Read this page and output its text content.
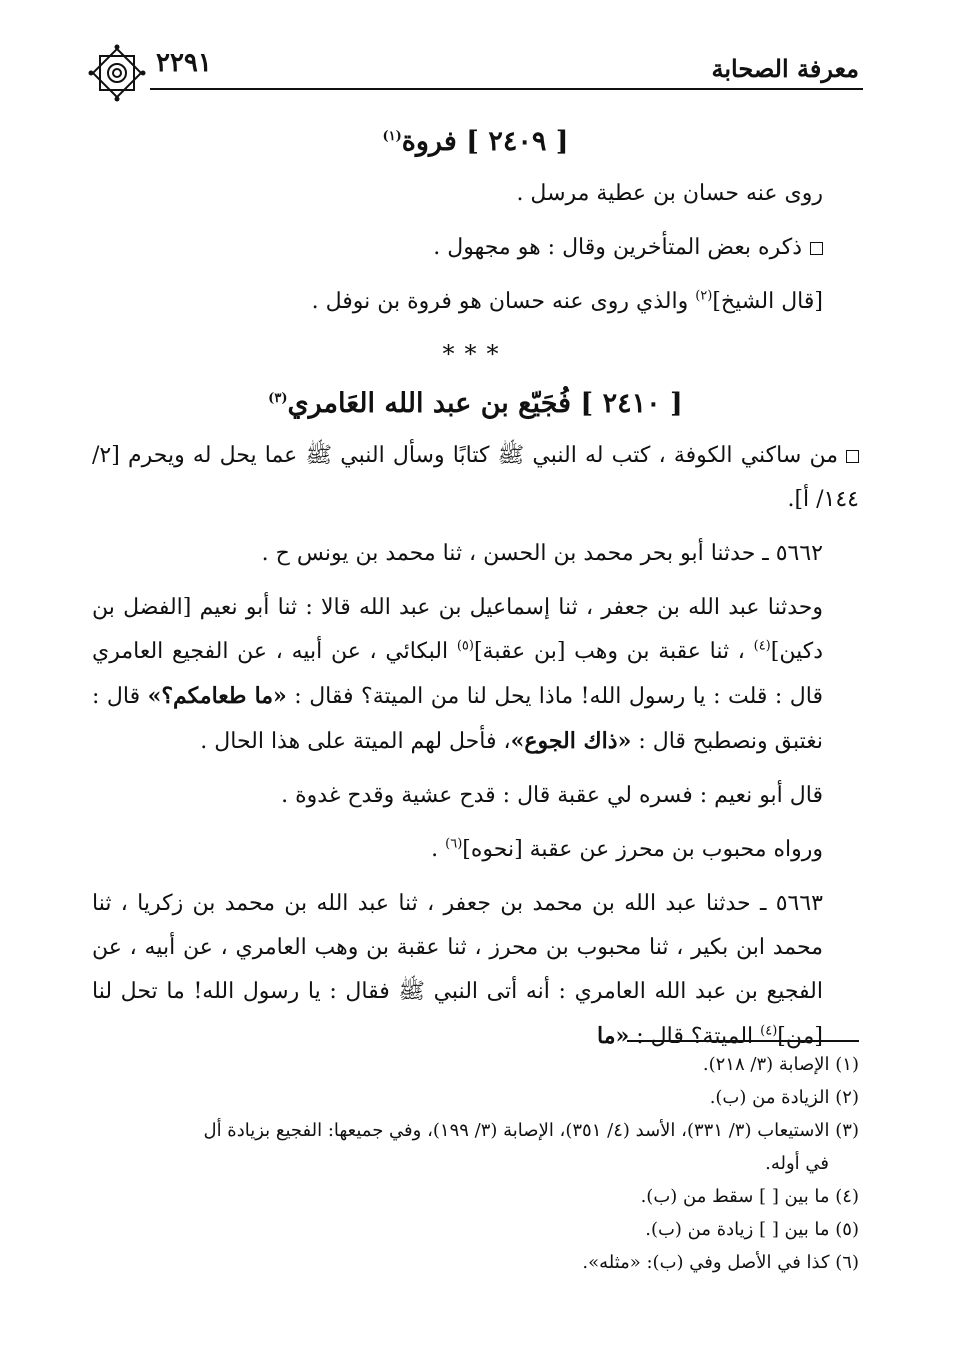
معرفة الصحابة
٢٢٩١
[ ٢٤٠٩ ] فروة$^{(١)}$

روى عنه حسان بن عطية مرسل .

ذكره بعض المتأخرين وقال : هو مجهول .

[قال الشيخ]$^{(٢)}$ والذي روى عنه حسان هو فروة بن نوفل .

***
[ ٢٤١٠ ] فُجَيّع بن عبد الله العَامري$^{(٣)}$

من ساكني الكوفة ، كتب له النبي ﷺ كتابًا وسأل النبي ﷺ عما يحل له ويحرم [٢/ ١٤٤/ أ].

٥٦٦٢ ـ حدثنا أبو بحر محمد بن الحسن ، ثنا محمد بن يونس ح .

وحدثنا عبد الله بن جعفر ، ثنا إسماعيل بن عبد الله قالا : ثنا أبو نعيم [الفضل بن دكين]$^{(٤)}$ ، ثنا عقبة بن وهب [بن عقبة]$^{(٥)}$ البكائي ، عن أبيه ، عن الفجيع العامري قال : قلت : يا رسول الله! ماذا يحل لنا من الميتة؟ فقال : «ما طعامكم؟» قال : نغتبق ونصطبح قال : «ذاك الجوع»، فأحل لهم الميتة على هذا الحال .

قال أبو نعيم : فسره لي عقبة قال : قدح عشية وقدح غدوة .

ورواه محبوب بن محرز عن عقبة [نحوه]$^{(٦)}$ .

٥٦٦٣ ـ حدثنا عبد الله بن محمد بن جعفر ، ثنا عبد الله بن محمد بن زكريا ، ثنا محمد ابن بكير ، ثنا محبوب بن محرز ، ثنا عقبة بن وهب العامري ، عن أبيه ، عن الفجيع بن عبد الله العامري : أنه أتى النبي ﷺ فقال : يا رسول الله! ما تحل لنا [من]$^{(٤)}$ الميتة؟ قال : «ما

(١) الإصابة (٣/ ٢١٨).

(٢) الزيادة من (ب).

(٣) الاستيعاب (٣/ ٣٣١)، الأسد (٤/ ٣٥١)، الإصابة (٣/ ١٩٩)، وفي جميعها: الفجيع بزيادة أل

في أوله.

(٤) ما بين [ ] سقط من (ب).

(٥) ما بين [ ] زيادة من (ب).

(٦) كذا في الأصل وفي (ب): «مثله».
